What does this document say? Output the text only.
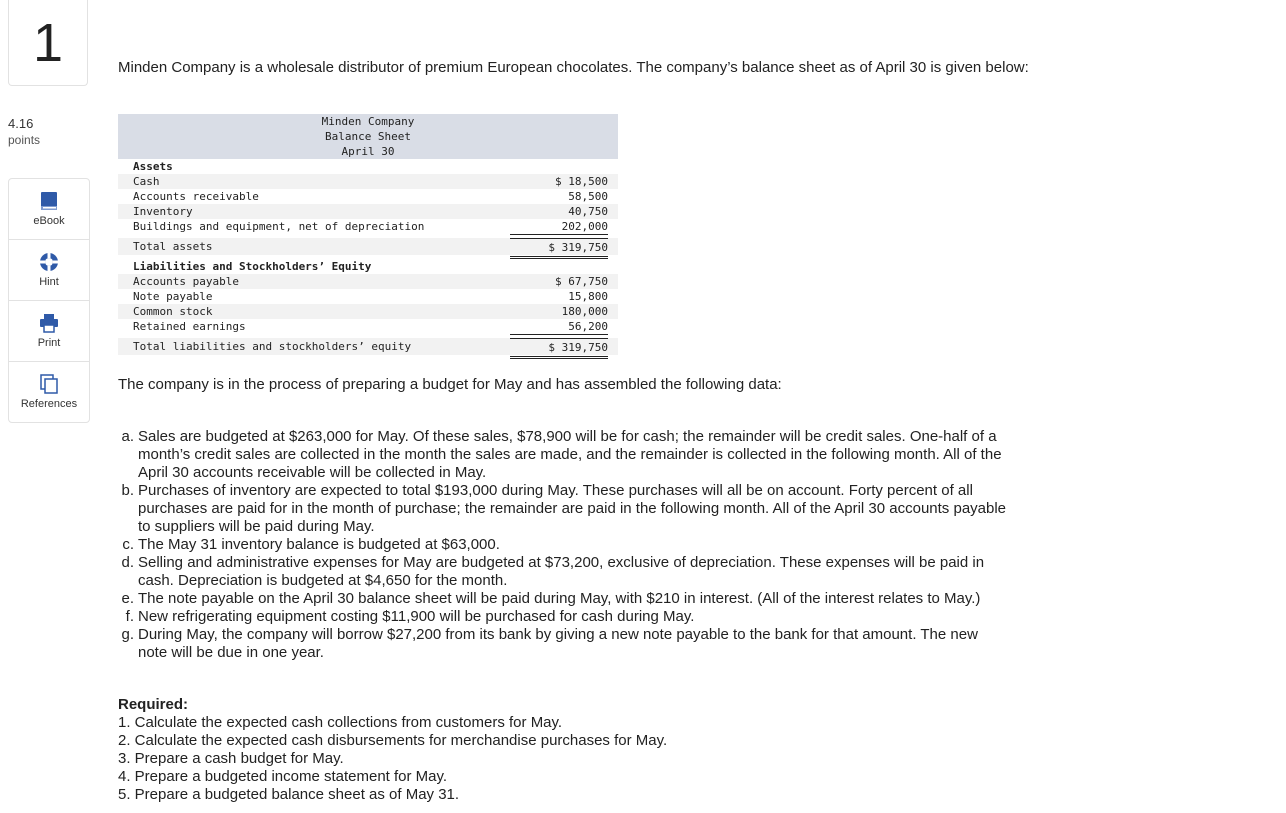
1
4.16
points
eBook
Hint
Print
References
Minden Company is a wholesale distributor of premium European chocolates. The company’s balance sheet as of April 30 is given below:
Minden Company
Balance Sheet
April 30
Assets
Cash	$ 18,500
Accounts receivable	58,500
Inventory	40,750
Buildings and equipment, net of depreciation	202,000
Total assets	$ 319,750
Liabilities and Stockholders’ Equity
Accounts payable	$ 67,750
Note payable	15,800
Common stock	180,000
Retained earnings	56,200
Total liabilities and stockholders’ equity	$ 319,750
The company is in the process of preparing a budget for May and has assembled the following data:
a. Sales are budgeted at $263,000 for May. Of these sales, $78,900 will be for cash; the remainder will be credit sales. One-half of a
month’s credit sales are collected in the month the sales are made, and the remainder is collected in the following month. All of the
April 30 accounts receivable will be collected in May.
b. Purchases of inventory are expected to total $193,000 during May. These purchases will all be on account. Forty percent of all
purchases are paid for in the month of purchase; the remainder are paid in the following month. All of the April 30 accounts payable
to suppliers will be paid during May.
c. The May 31 inventory balance is budgeted at $63,000.
d. Selling and administrative expenses for May are budgeted at $73,200, exclusive of depreciation. These expenses will be paid in
cash. Depreciation is budgeted at $4,650 for the month.
e. The note payable on the April 30 balance sheet will be paid during May, with $210 in interest. (All of the interest relates to May.)
f. New refrigerating equipment costing $11,900 will be purchased for cash during May.
g. During May, the company will borrow $27,200 from its bank by giving a new note payable to the bank for that amount. The new
note will be due in one year.
Required:
1. Calculate the expected cash collections from customers for May.
2. Calculate the expected cash disbursements for merchandise purchases for May.
3. Prepare a cash budget for May.
4. Prepare a budgeted income statement for May.
5. Prepare a budgeted balance sheet as of May 31.
